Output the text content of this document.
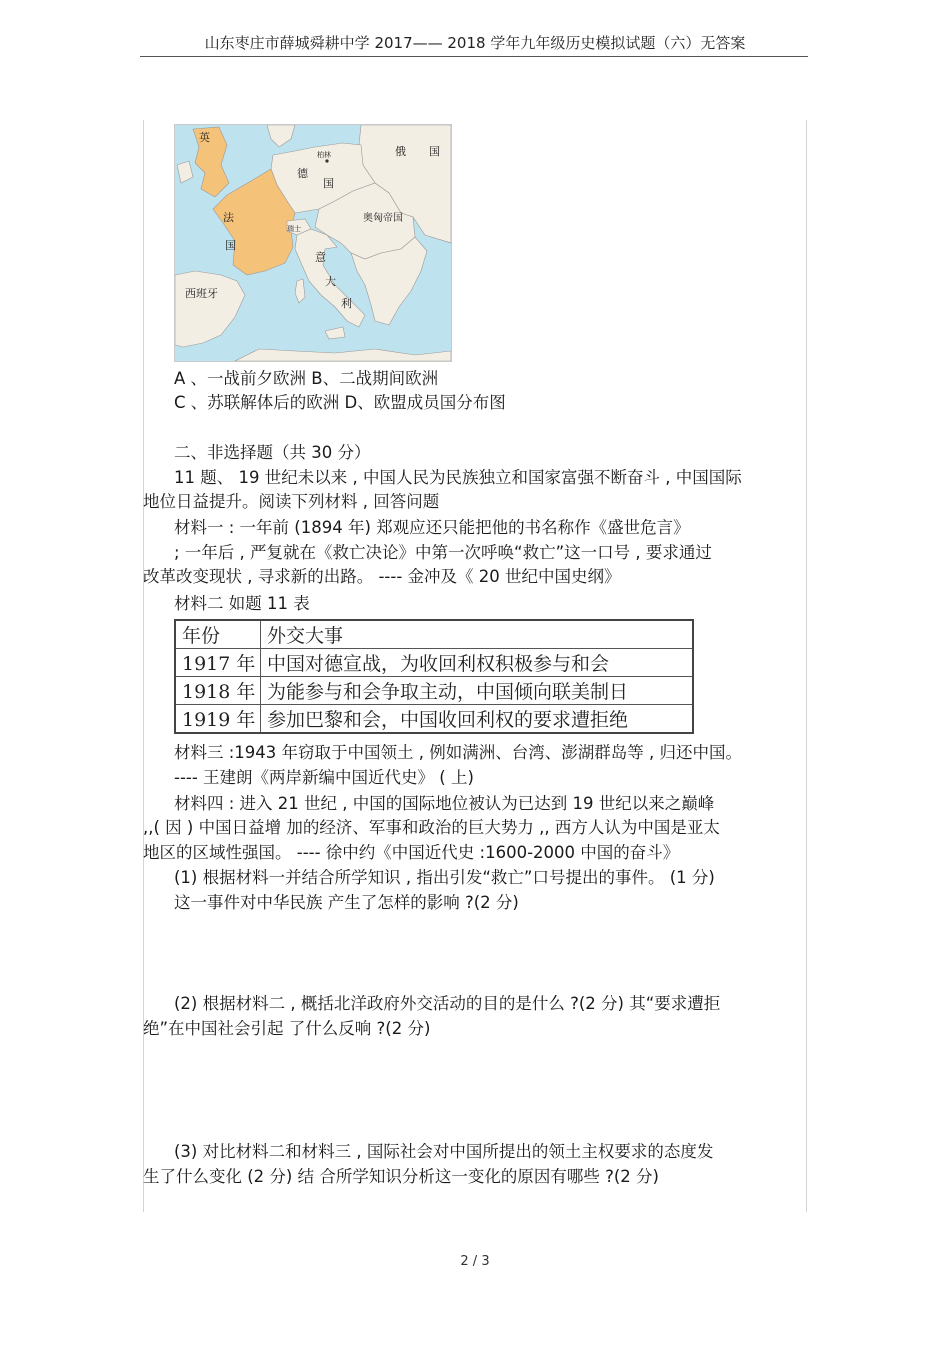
山东枣庄市薛城舜耕中学 2017—— 2018 学年九年级历史模拟试题（六）无答案
英
俄 国
柏林
德
国
法
国
奥匈帝国
瑞士
意
大
利
西班牙
A 、一战前夕欧洲 B、二战期间欧洲
C 、苏联解体后的欧洲 D、欧盟成员国分布图
二、非选择题（共 30 分）
11 题、 19 世纪未以来 , 中国人民为民族独立和国家富强不断奋斗 , 中国国际
地位日益提升。阅读下列材料 , 回答问题
材料一 : 一年前 (1894 年) 郑观应还只能把他的书名称作《盛世危言》
; 一年后 , 严复就在《救亡决论》中第一次呼唤“救亡”这一口号 , 要求通过
改革改变现状 , 寻求新的出路。 ---- 金冲及《 20 世纪中国史纲》
材料二 如题 11 表
年份	外交大事
1917 年	中国对德宣战，为收回利权积极参与和会
1918 年	为能参与和会争取主动，中国倾向联美制日
1919 年	参加巴黎和会，中国收回利权的要求遭拒绝
材料三 :1943 年窃取于中国领土 , 例如满洲、台湾、澎湖群岛等 , 归还中国。
---- 王建朗《两岸新编中国近代史》 ( 上)
材料四 : 进入 21 世纪 , 中国的国际地位被认为已达到 19 世纪以来之巅峰
,,( 因 ) 中国日益增 加的经济、军事和政治的巨大势力 ,, 西方人认为中国是亚太
地区的区域性强国。 ---- 徐中约《中国近代史 :1600-2000 中国的奋斗》
(1) 根据材料一并结合所学知识 , 指出引发“救亡”口号提出的事件。 (1 分)
这一事件对中华民族 产生了怎样的影响 ?(2 分)
(2) 根据材料二 , 概括北洋政府外交活动的目的是什么 ?(2 分) 其“要求遭拒
绝”在中国社会引起 了什么反响 ?(2 分)
(3) 对比材料二和材料三 , 国际社会对中国所提出的领土主权要求的态度发
生了什么变化 (2 分) 结 合所学知识分析这一变化的原因有哪些 ?(2 分)
2 / 3
